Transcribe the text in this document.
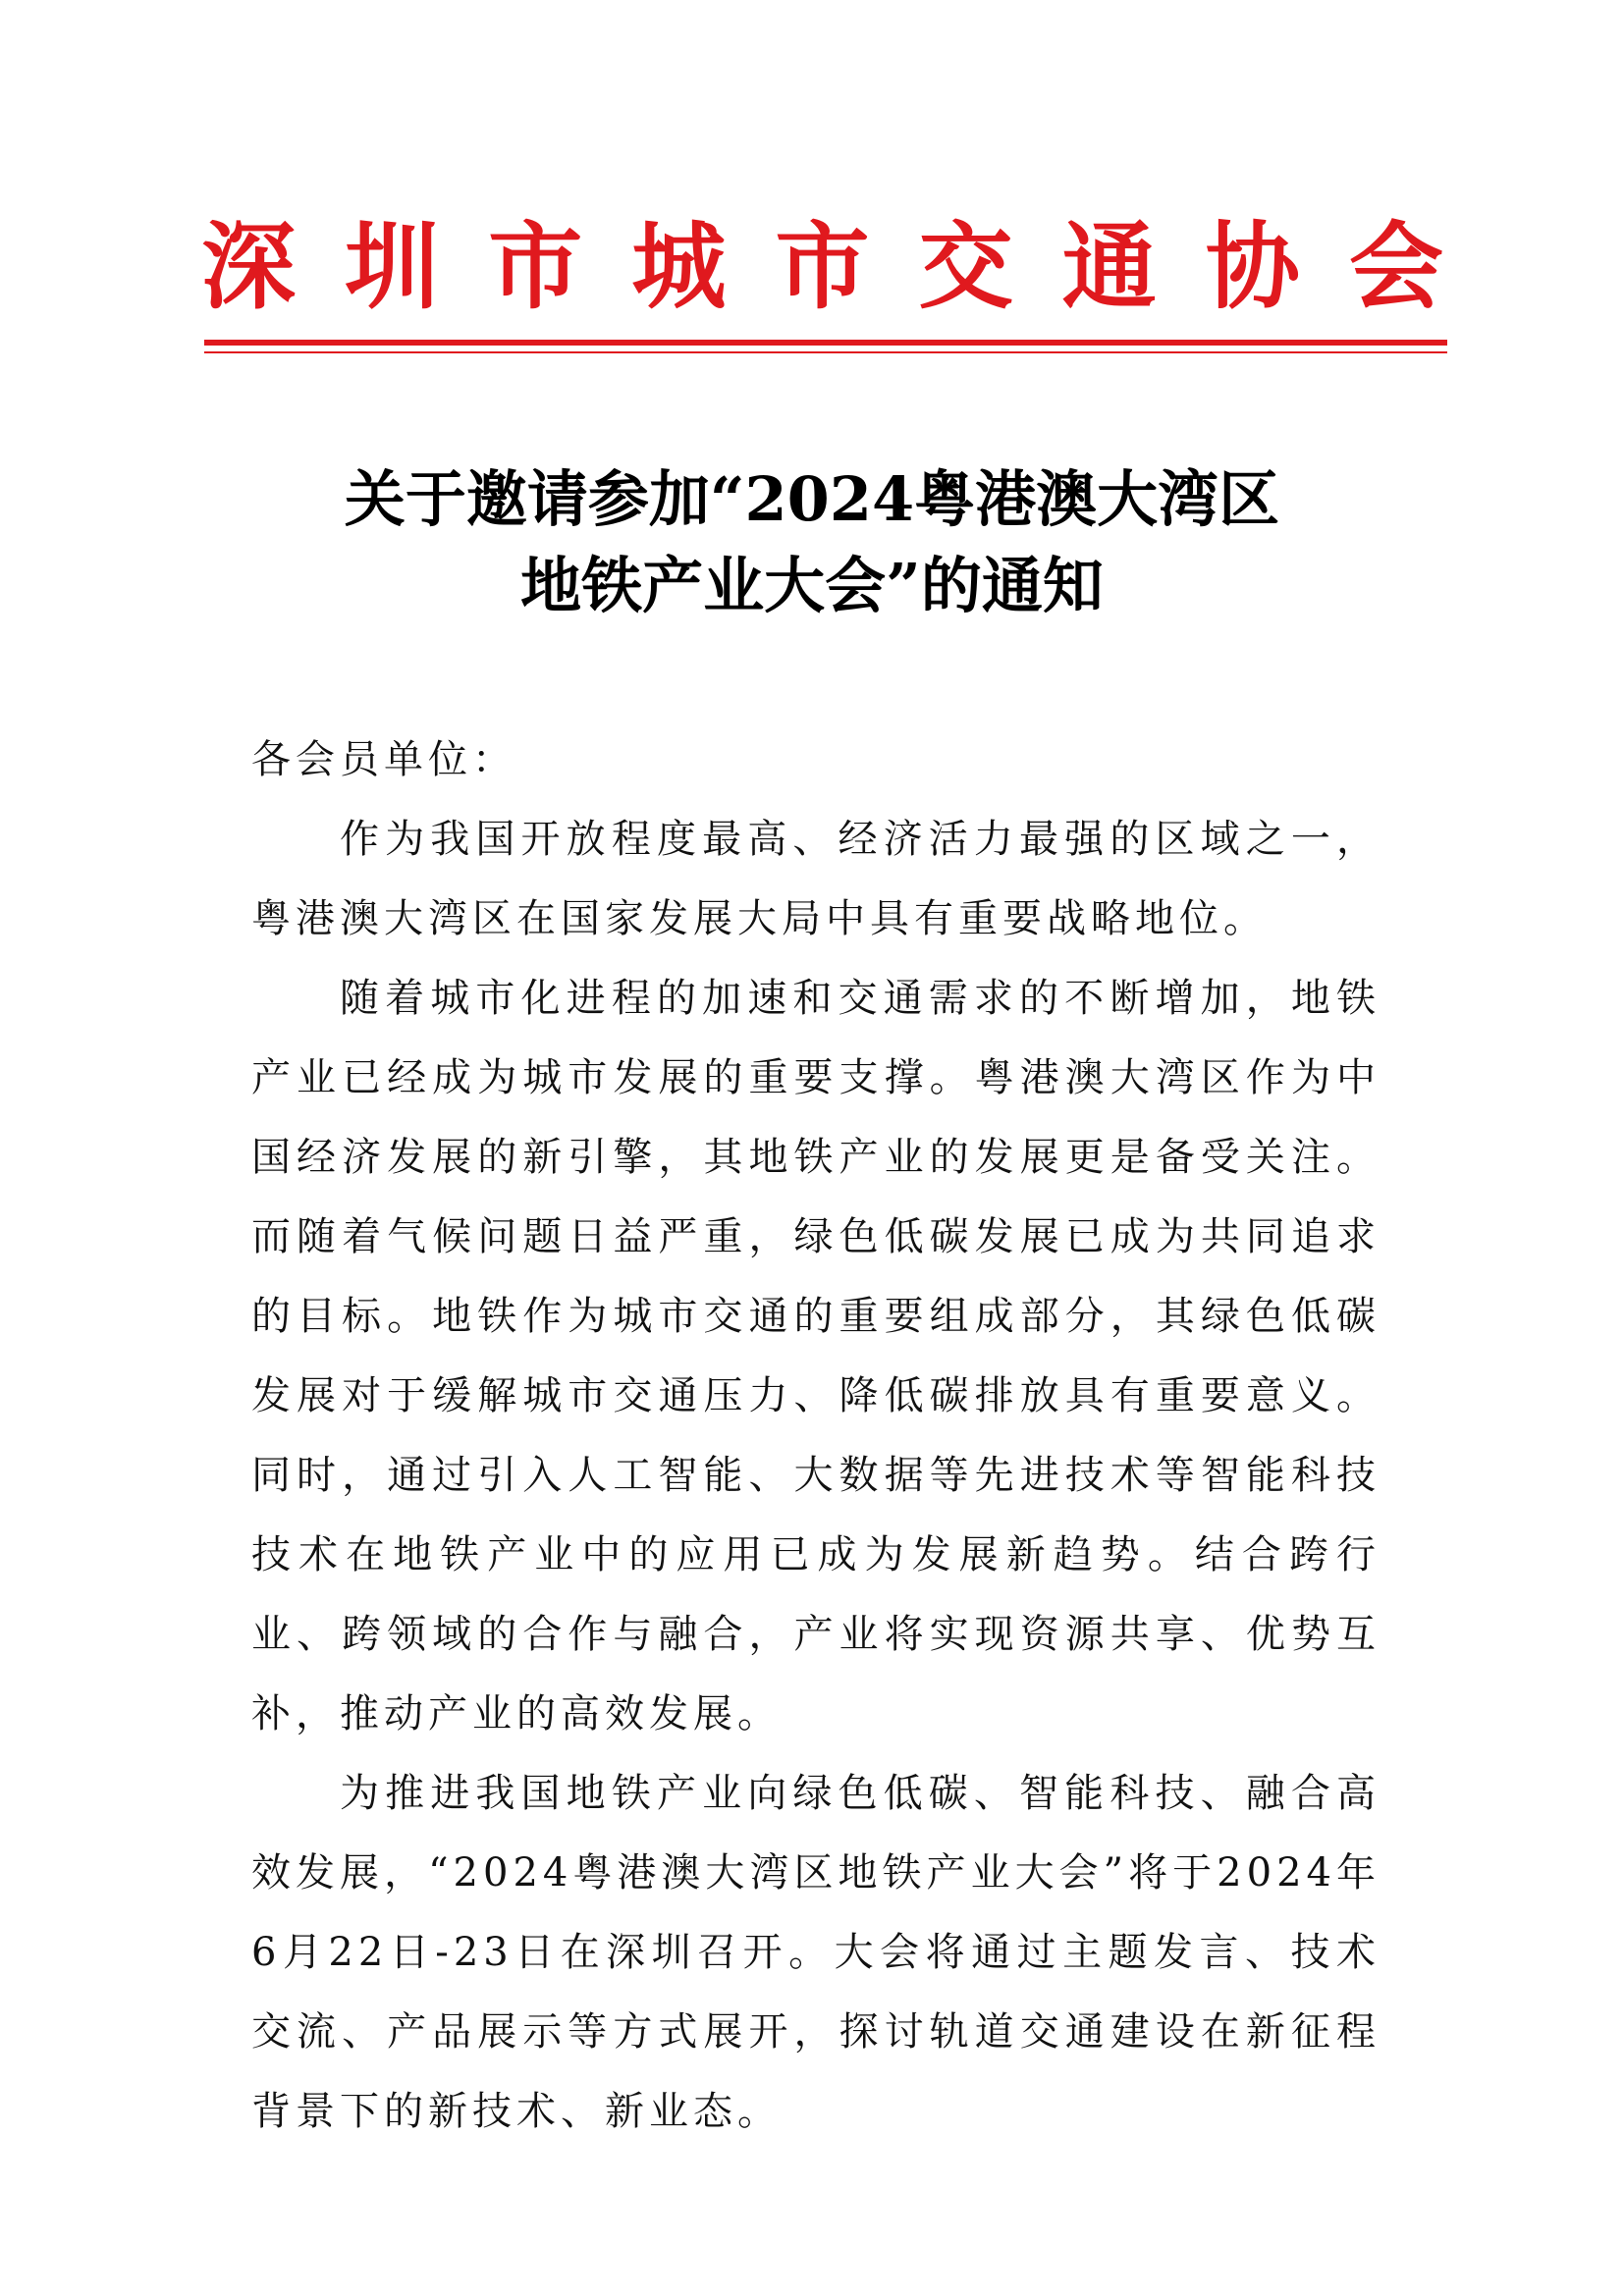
深 圳 市 城 市 交 通 协 会
关于邀请参加“2024粤港澳大湾区
地铁产业大会”的通知

各会员单位：

作为我国开放程度最高、经济活力最强的区域之一，粤港澳大湾区在国家发展大局中具有重要战略地位。

随着城市化进程的加速和交通需求的不断增加，地铁产业已经成为城市发展的重要支撑。粤港澳大湾区作为中国经济发展的新引擎，其地铁产业的发展更是备受关注。而随着气候问题日益严重，绿色低碳发展已成为共同追求的目标。地铁作为城市交通的重要组成部分，其绿色低碳发展对于缓解城市交通压力、降低碳排放具有重要意义。同时，通过引入人工智能、大数据等先进技术等智能科技技术在地铁产业中的应用已成为发展新趋势。结合跨行业、跨领域的合作与融合，产业将实现资源共享、优势互补，推动产业的高效发展。

为推进我国地铁产业向绿色低碳、智能科技、融合高效发展，“2024粤港澳大湾区地铁产业大会”将于2024年6月22日-23日在深圳召开。大会将通过主题发言、技术交流、产品展示等方式展开，探讨轨道交通建设在新征程背景下的新技术、新业态。
